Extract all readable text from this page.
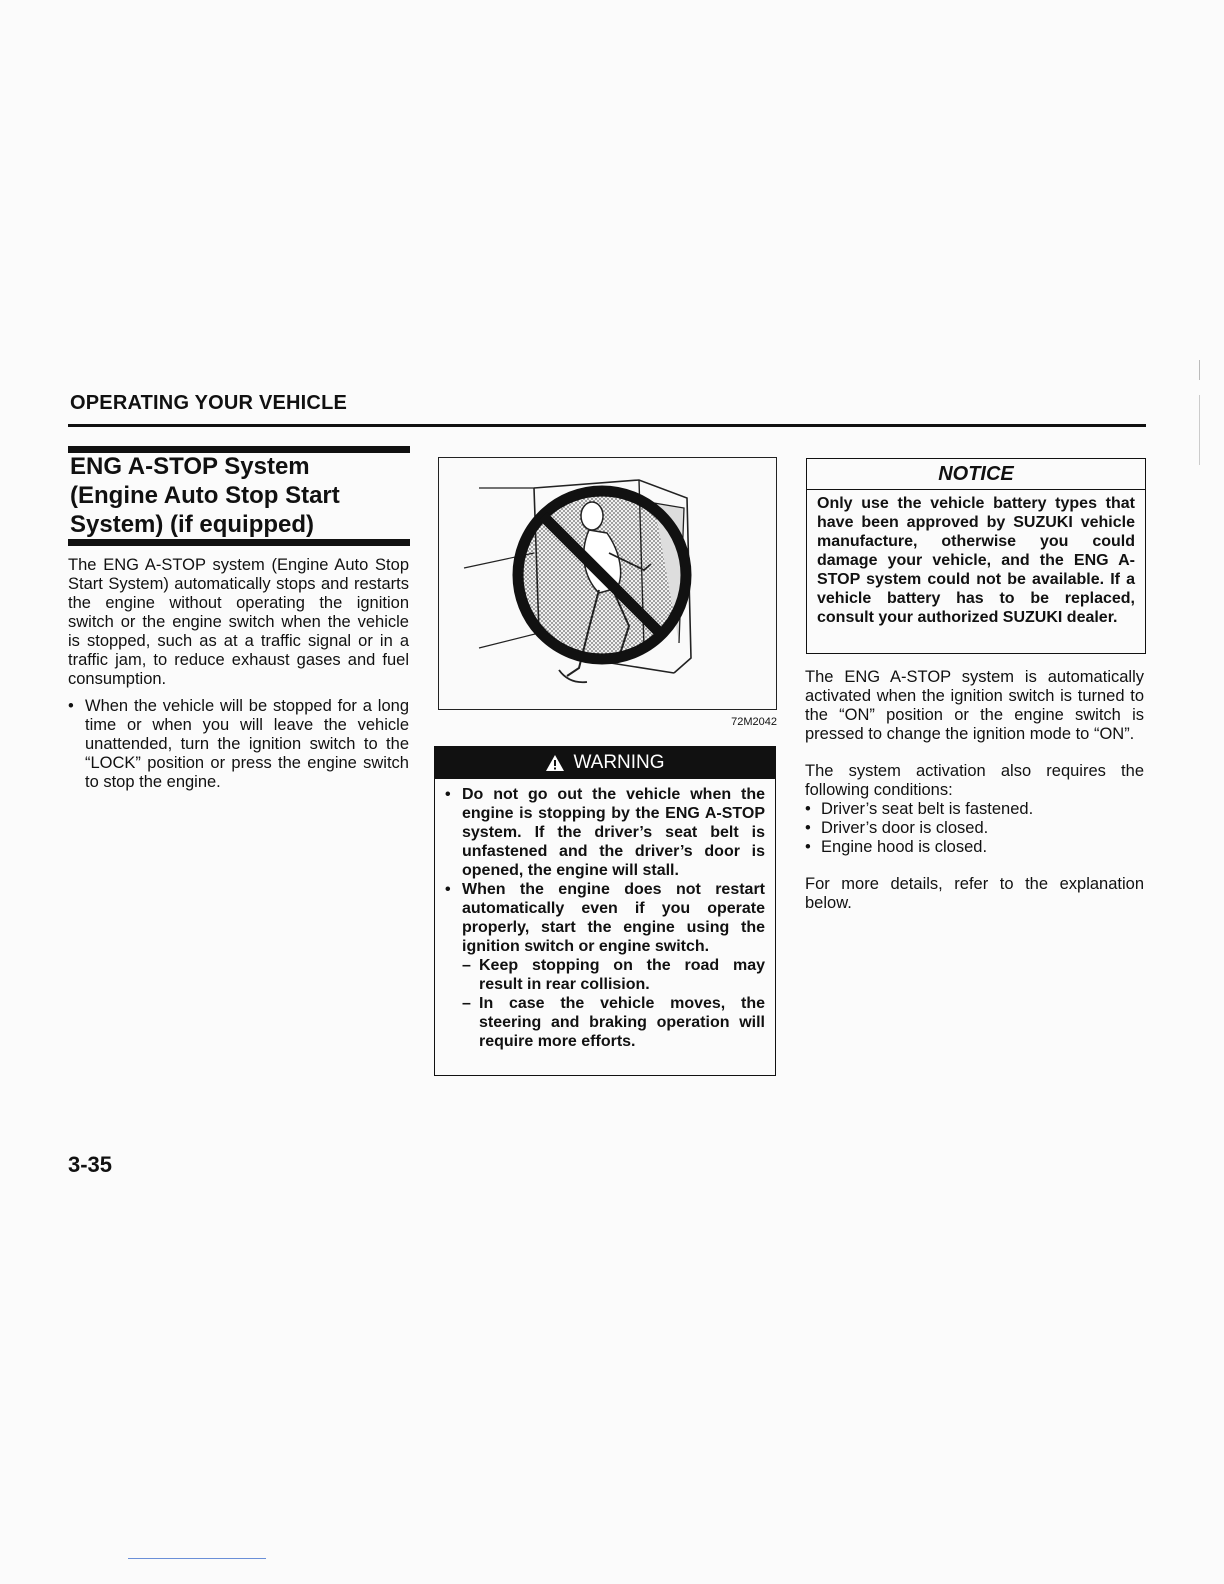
OPERATING YOUR VEHICLE
ENG A-STOP System
(Engine Auto Stop Start
System) (if equipped)

The ENG A-STOP system (Engine Auto Stop Start System) automatically stops and restarts the engine without operating the ignition switch or the engine switch when the vehicle is stopped, such as at a traffic signal or in a traffic jam, to reduce exhaust gases and fuel consumption.

• When the vehicle will be stopped for a long time or when you will leave the vehicle unattended, turn the ignition switch to the “LOCK” position or press the engine switch to stop the engine.
72M2042
WARNING
• Do not go out the vehicle when the engine is stopping by the ENG A-STOP system. If the driver’s seat belt is unfastened and the driver’s door is opened, the engine will stall.
• When the engine does not restart automatically even if you operate properly, start the engine using the ignition switch or engine switch.
– Keep stopping on the road may result in rear collision.
– In case the vehicle moves, the steering and braking operation will require more efforts.
NOTICE
Only use the vehicle battery types that have been approved by SUZUKI vehicle manufacture, otherwise you could damage your vehicle, and the ENG A-STOP system could not be available. If a vehicle battery has to be replaced, consult your authorized SUZUKI dealer.

The ENG A-STOP system is automatically activated when the ignition switch is turned to the “ON” position or the engine switch is pressed to change the ignition mode to “ON”.

The system activation also requires the following conditions:

• Driver’s seat belt is fastened.
• Driver’s door is closed.
• Engine hood is closed.

For more details, refer to the explanation below.

3-35
